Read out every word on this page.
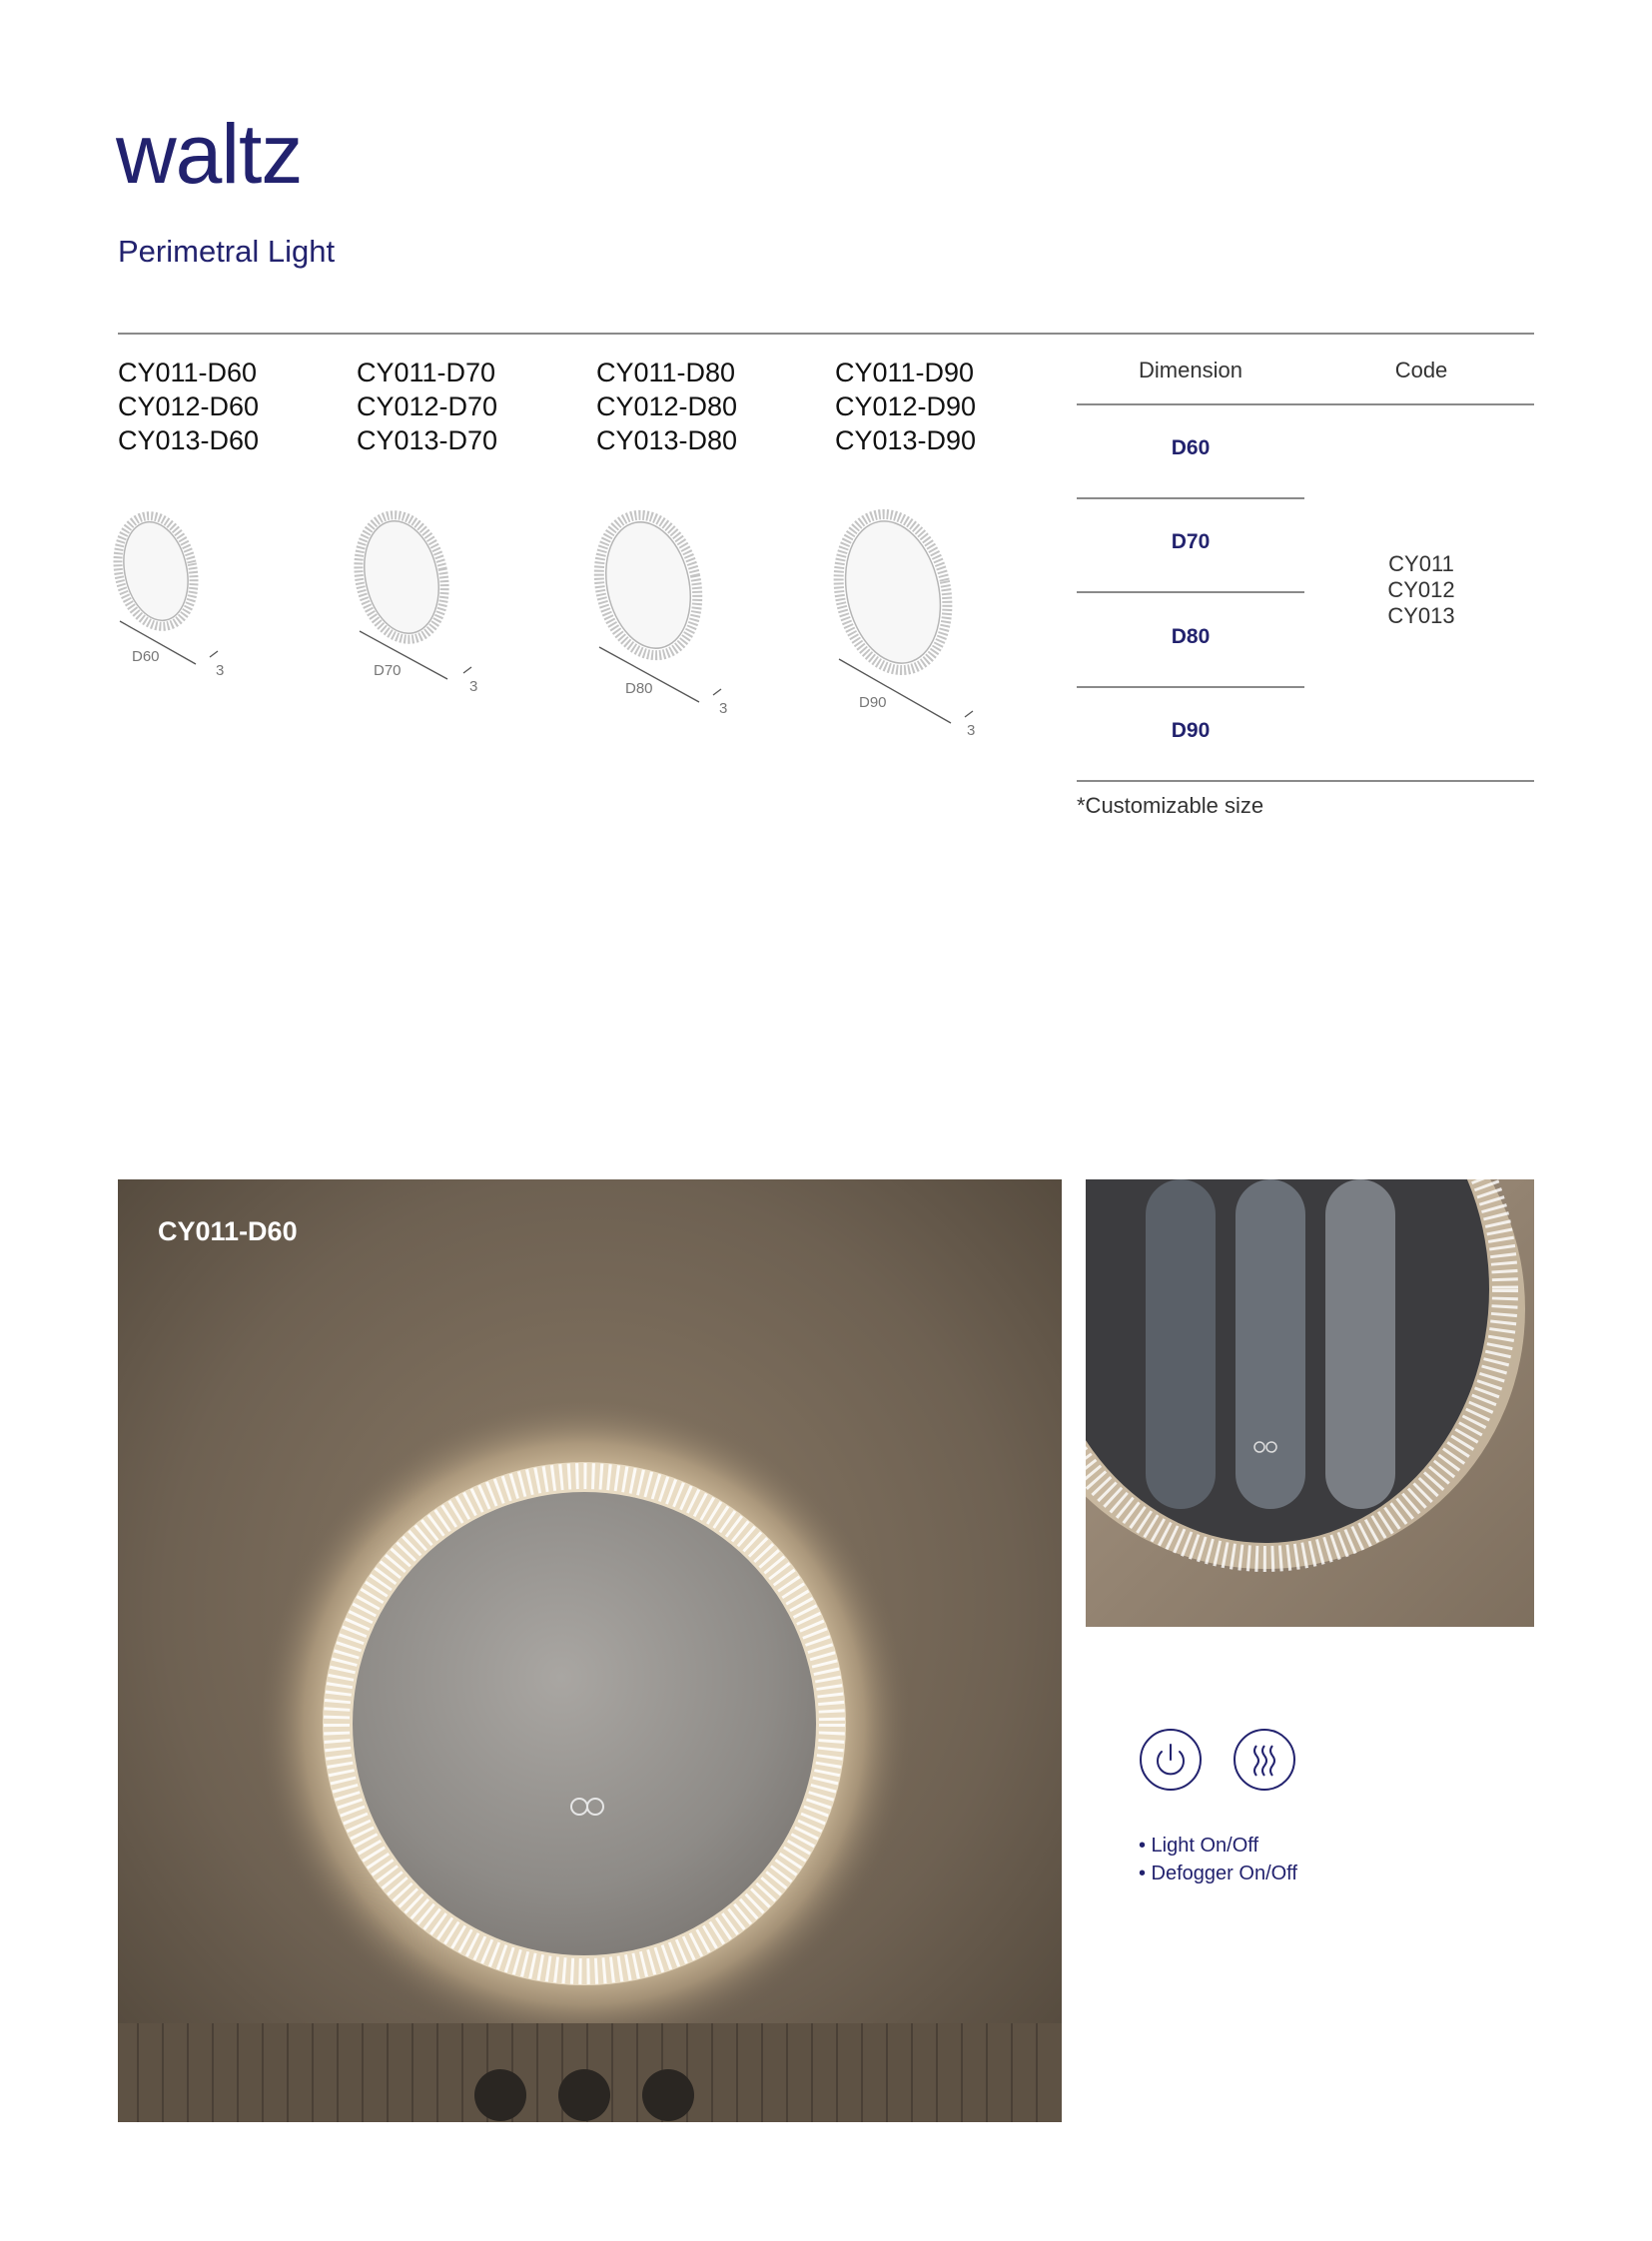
waltz
Perimetral Light
CY011-D60
CY012-D60
CY013-D60
CY011-D70
CY012-D70
CY013-D70
CY011-D80
CY012-D80
CY013-D80
CY011-D90
CY012-D90
CY013-D90
D60
3	D70
3	D80
3	D90
3
Dimension	Code
D60
D70
D80
D90
CY011
CY012
CY013
*Customizable size
CY011-D60
• Light On/Off
• Defogger On/Off
